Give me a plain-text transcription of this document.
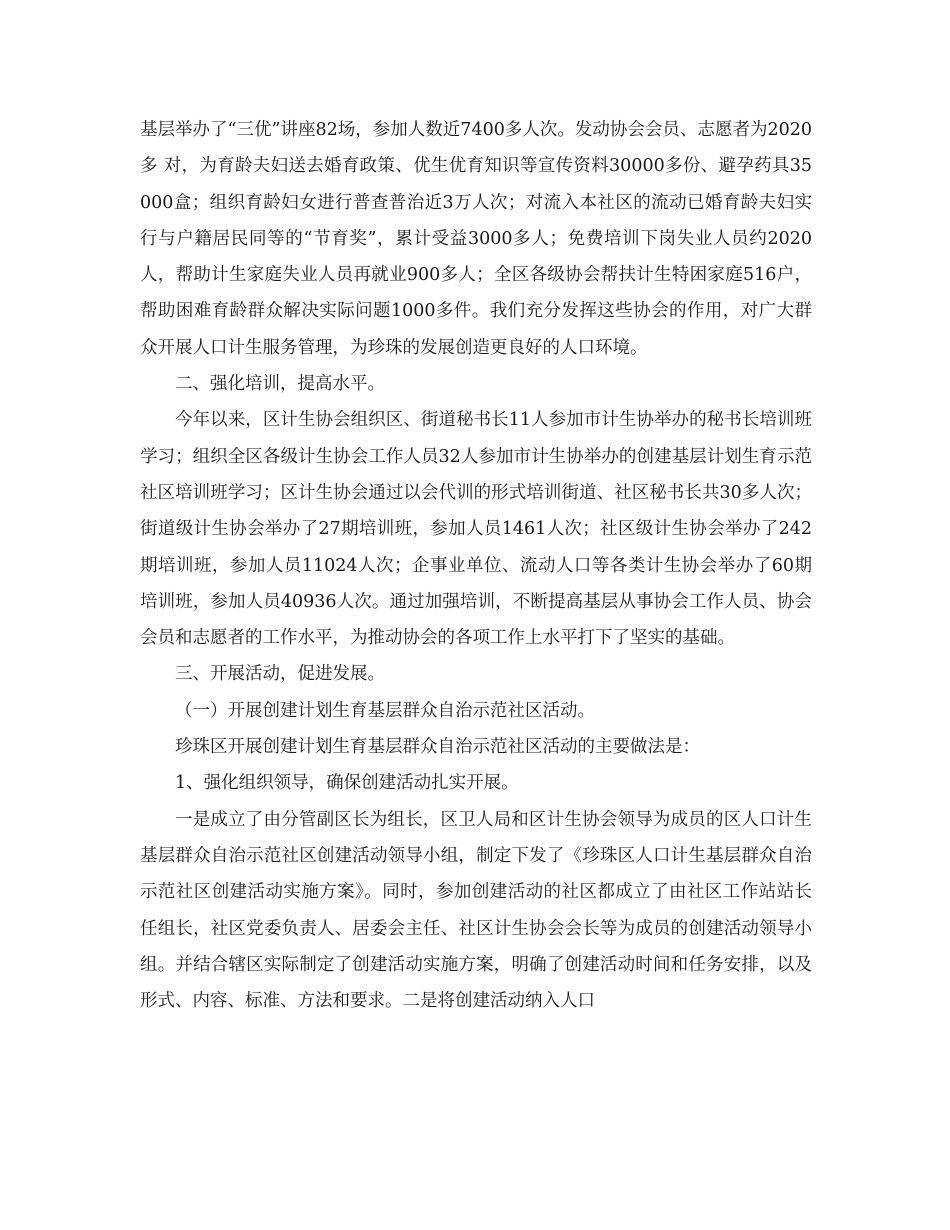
基层举办了“三优”讲座82场，参加人数近7400多人次。发动协会会员、志愿者为2020多 对，为育龄夫妇送去婚育政策、优生优育知识等宣传资料30000多份、避孕药具35000盒；组织育龄妇女进行普查普治近3万人次；对流入本社区的流动已婚育龄夫妇实行与户籍居民同等的“节育奖”，累计受益3000多人；免费培训下岗失业人员约2020人，帮助计生家庭失业人员再就业900多人；全区各级协会帮扶计生特困家庭516户，帮助困难育龄群众解决实际问题1000多件。我们充分发挥这些协会的作用，对广大群众开展人口计生服务管理，为珍珠的发展创造更良好的人口环境。

二、强化培训，提高水平。

今年以来，区计生协会组织区、街道秘书长11人参加市计生协举办的秘书长培训班学习；组织全区各级计生协会工作人员32人参加市计生协举办的创建基层计划生育示范社区培训班学习；区计生协会通过以会代训的形式培训街道、社区秘书长共30多人次；街道级计生协会举办了27期培训班，参加人员1461人次；社区级计生协会举办了242期培训班，参加人员11024人次；企事业单位、流动人口等各类计生协会举办了60期培训班，参加人员40936人次。通过加强培训，不断提高基层从事协会工作人员、协会会员和志愿者的工作水平，为推动协会的各项工作上水平打下了坚实的基础。

三、开展活动，促进发展。

（一）开展创建计划生育基层群众自治示范社区活动。

珍珠区开展创建计划生育基层群众自治示范社区活动的主要做法是：

1、强化组织领导，确保创建活动扎实开展。

一是成立了由分管副区长为组长，区卫人局和区计生协会领导为成员的区人口计生基层群众自治示范社区创建活动领导小组，制定下发了《珍珠区人口计生基层群众自治示范社区创建活动实施方案》。同时，参加创建活动的社区都成立了由社区工作站站长任组长，社区党委负责人、居委会主任、社区计生协会会长等为成员的创建活动领导小组。并结合辖区实际制定了创建活动实施方案，明确了创建活动时间和任务安排，以及形式、内容、标准、方法和要求。二是将创建活动纳入人口
